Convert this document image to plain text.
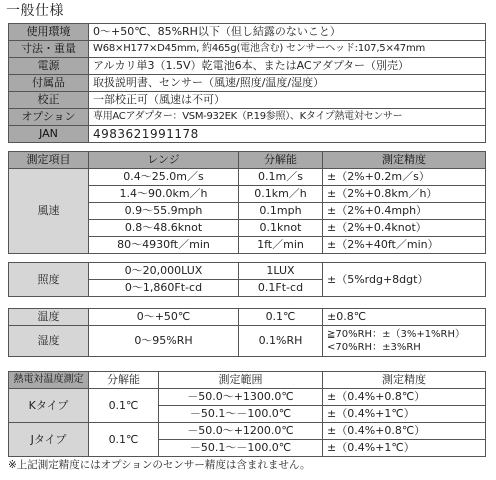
一般仕様
使用環境	0～+50℃、85%RH以下（但し結露のないこと）
寸法・重量	W68×H177×D45mm, 約465g(電池含む) センサーヘッド:107,5×47mm
電源	アルカリ単3（1.5V）乾電池6本、またはACアダプター（別売）
付属品	取扱説明書、センサー（風速/照度/温度/湿度）
校正	一部校正可（風速は不可）
オプション	専用ACアダプター：VSM-932EK（P.19参照）、Kタイプ熱電対センサー
JAN	4983621991178
測定項目	レンジ	分解能	測定精度
風速	0.4～25.0m／s	0.1m／s	±（2%+0.2m／s）
	1.4～90.0km／h	0.1km／h	±（2%+0.8km／h）
	0.9～55.9mph	0.1mph	±（2%+0.4mph）
	0.8～48.6knot	0.1knot	±（2%+0.4knot）
	80～4930ft／min	1ft／min	±（2%+40ft／min）
照度	0～20,000LUX	1LUX	±（5%rdg+8dgt）
	0～1,860Ft-cd	0.1Ft-cd	
温度	0～+50℃	0.1℃	±0.8℃
湿度	0～95%RH	0.1%RH	≧70%RH：±（3%+1%RH）
<70%RH：±3%RH
熱電対温度測定	分解能	測定範囲	測定精度
Kタイプ	0.1℃	－50.0～+1300.0℃	±（0.4%+0.8℃）
		－50.1～－100.0℃	±（0.4%+1℃）
Jタイプ	0.1℃	－50.0～+1200.0℃	±（0.4%+0.8℃）
		－50.1～－100.0℃	±（0.4%+1℃）
※上記測定精度にはオプションのセンサー精度は含まれません。
